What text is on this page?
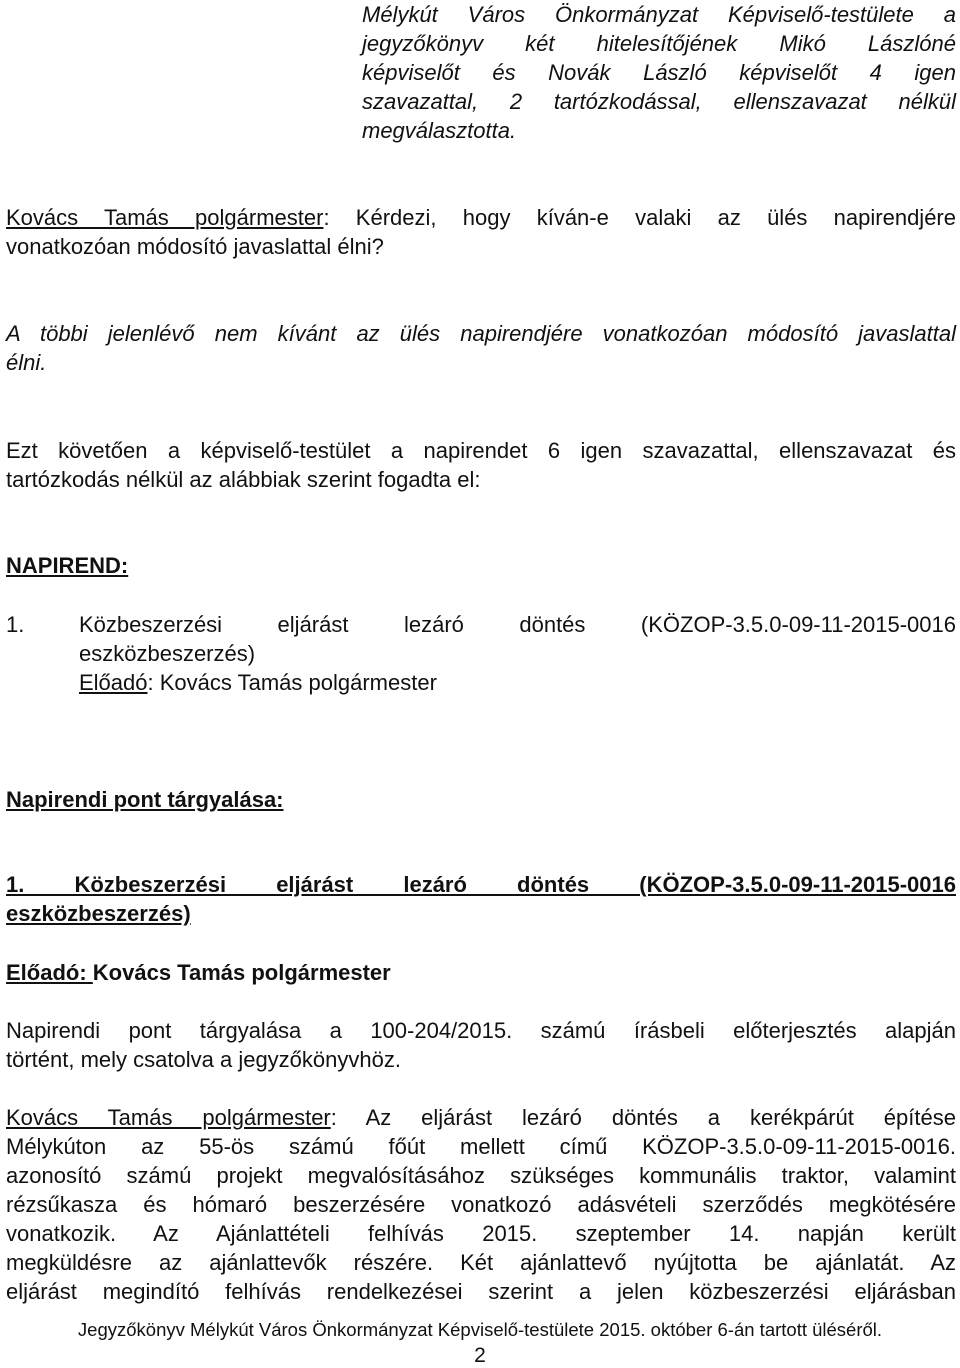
Mélykút Város Önkormányzat Képviselő-testülete a

jegyzőkönyv két hitelesítőjének Mikó Lászlóné

képviselőt és Novák László képviselőt 4 igen

szavazattal, 2 tartózkodással, ellenszavazat nélkül

megválasztotta.

Kovács Tamás polgármester: Kérdezi, hogy kíván-e valaki az ülés napirendjére

vonatkozóan módosító javaslattal élni?

A többi jelenlévő nem kívánt az ülés napirendjére vonatkozóan módosító javaslattal

élni.

Ezt követően a képviselő-testület a napirendet 6 igen szavazattal, ellenszavazat és

tartózkodás nélkül az alábbiak szerint fogadta el:

NAPIREND:

1.	Közbeszerzési eljárást lezáró döntés (KÖZOP-3.5.0-09-11-2015-0016

eszközbeszerzés)

Előadó: Kovács Tamás polgármester

Napirendi pont tárgyalása:

1. Közbeszerzési eljárást lezáró döntés (KÖZOP-3.5.0-09-11-2015-0016

eszközbeszerzés)

Előadó: Kovács Tamás polgármester

Napirendi pont tárgyalása a 100-204/2015. számú írásbeli előterjesztés alapján

történt, mely csatolva a jegyzőkönyvhöz.

Kovács Tamás polgármester: Az eljárást lezáró döntés a kerékpárút építése

Mélykúton az 55-ös számú főút mellett című KÖZOP-3.5.0-09-11-2015-0016.

azonosító számú projekt megvalósításához szükséges kommunális traktor, valamint

rézsűkasza és hómaró beszerzésére vonatkozó adásvételi szerződés megkötésére

vonatkozik. Az Ajánlattételi felhívás 2015. szeptember 14. napján került

megküldésre az ajánlattevők részére. Két ajánlattevő nyújtotta be ajánlatát. Az

eljárást megindító felhívás rendelkezései szerint a jelen közbeszerzési eljárásban

Jegyzőkönyv Mélykút Város Önkormányzat Képviselő-testülete 2015. október 6-án tartott üléséről.
2
